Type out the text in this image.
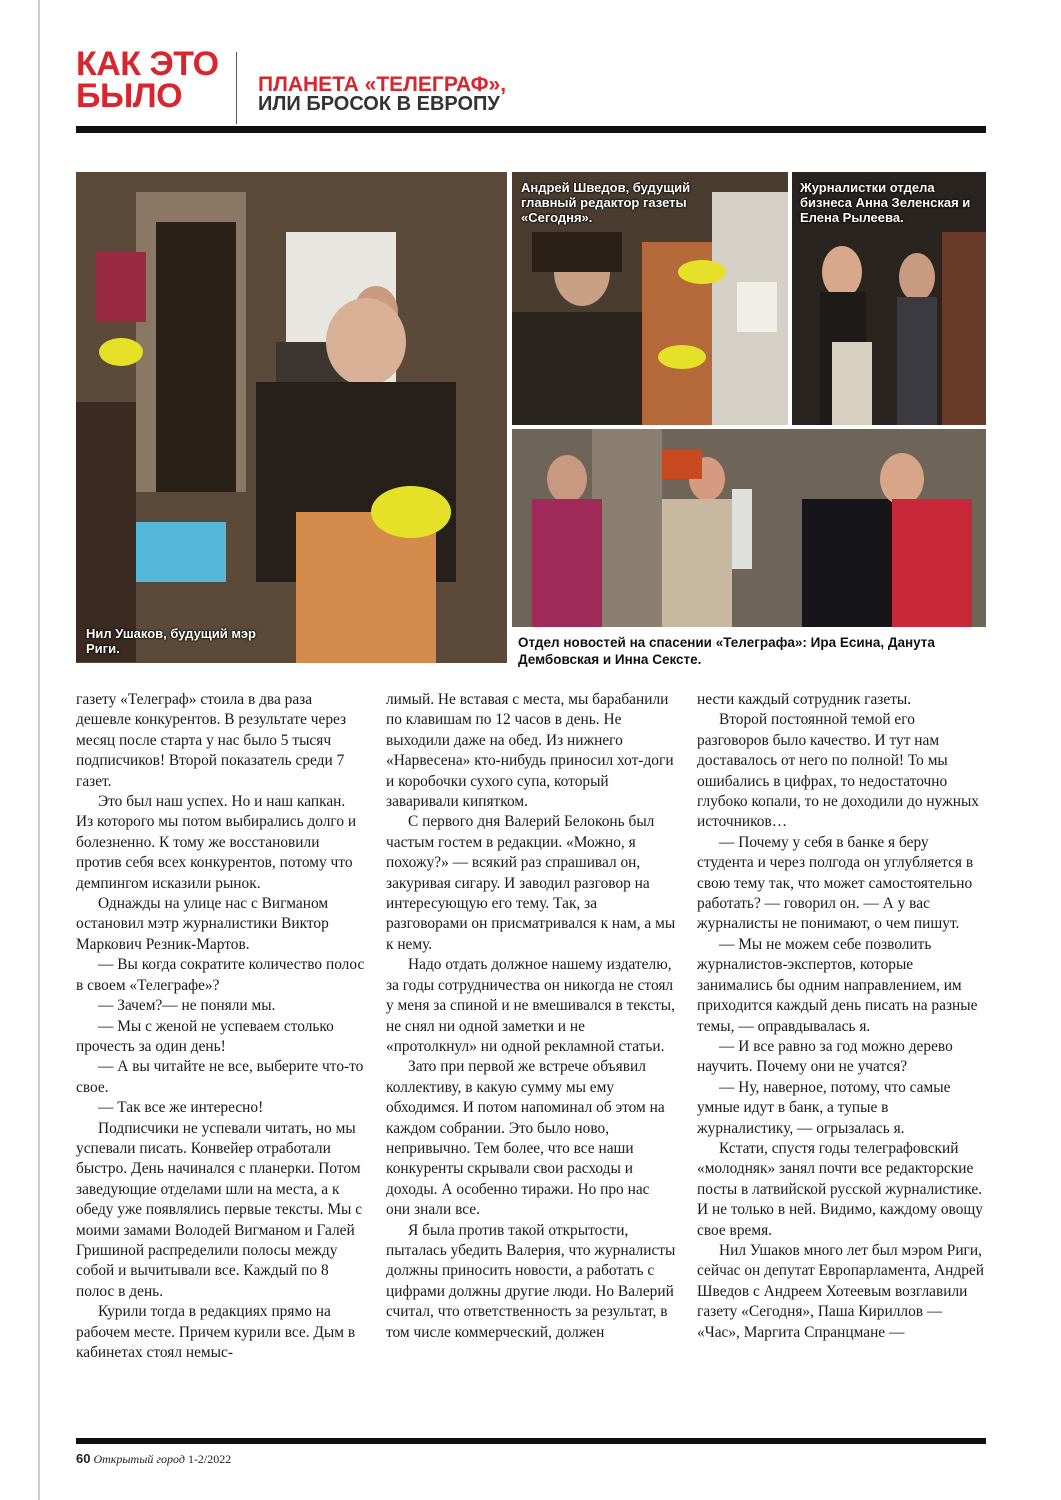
КАК ЭТО
БЫЛО	ПЛАНЕТА «ТЕЛЕГРАФ»,
ИЛИ БРОСОК В ЕВРОПУ

Нил Ушаков, будущий мэр Риги.

Андрей Шведов, будущий главный редактор газеты «Сегодня».

Журналистки отдела бизнеса Анна Зеленская и Елена Рылеева.

Отдел новостей на спасении «Телеграфа»: Ира Есина, Данута Дембовская и Инна Сексте.

газету «Телеграф» стоила в два раза дешевле конкурентов. В результате через месяц после старта у нас было 5 тысяч подписчиков! Второй показатель среди 7 газет.

Это был наш успех. Но и наш капкан. Из которого мы потом выбирались долго и болезненно. К тому же восстановили против себя всех конкурентов, потому что демпингом исказили рынок.

Однажды на улице нас с Вигманом остановил мэтр журналистики Виктор Маркович Резник-Мартов.

— Вы когда сократите количество полос в своем «Телеграфе»?

— Зачем?— не поняли мы.

— Мы с женой не успеваем столько прочесть за один день!

— А вы читайте не все, выберите что-то свое.

— Так все же интересно!

Подписчики не успевали читать, но мы успевали писать. Конвейер отработали быстро. День начинался с планерки. Потом заведующие отделами шли на места, а к обеду уже появлялись первые тексты. Мы с моими замами Володей Вигманом и Галей Гришиной распределили полосы между собой и вычитывали все. Каждый по 8 полос в день.

Курили тогда в редакциях прямо на рабочем месте. Причем курили все. Дым в кабинетах стоял немыс-

лимый. Не вставая с места, мы барабанили по клавишам по 12 часов в день. Не выходили даже на обед. Из нижнего «Нарвесена» кто-нибудь приносил хот-доги и коробочки сухого супа, который заваривали кипятком.

С первого дня Валерий Белоконь был частым гостем в редакции. «Можно, я похожу?» — всякий раз спрашивал он, закуривая сигару. И заводил разговор на интересующую его тему. Так, за разговорами он присматривался к нам, а мы к нему.

Надо отдать должное нашему издателю, за годы сотрудничества он никогда не стоял у меня за спиной и не вмешивался в тексты, не снял ни одной заметки и не «протолкнул» ни одной рекламной статьи.

Зато при первой же встрече объявил коллективу, в какую сумму мы ему обходимся. И потом напоминал об этом на каждом собрании. Это было ново, непривычно. Тем более, что все наши конкуренты скрывали свои расходы и доходы. А особенно тиражи. Но про нас они знали все.

Я была против такой открытости, пыталась убедить Валерия, что журналисты должны приносить новости, а работать с цифрами должны другие люди. Но Валерий считал, что ответственность за результат, в том числе коммерческий, должен

нести каждый сотрудник газеты.

Второй постоянной темой его разговоров было качество. И тут нам доставалось от него по полной! То мы ошибались в цифрах, то недостаточно глубоко копали, то не доходили до нужных источников…

— Почему у себя в банке я беру студента и через полгода он углубляется в свою тему так, что может самостоятельно работать? — говорил он. — А у вас журналисты не понимают, о чем пишут.

— Мы не можем себе позволить журналистов-экспертов, которые занимались бы одним направлением, им приходится каждый день писать на разные темы, — оправдывалась я.

— И все равно за год можно дерево научить. Почему они не учатся?

— Ну, наверное, потому, что самые умные идут в банк, а тупые в журналистику, — огрызалась я.

Кстати, спустя годы телеграфовский «молодняк» занял почти все редакторские посты в латвийской русской журналистике. И не только в ней. Видимо, каждому овощу свое время.

Нил Ушаков много лет был мэром Риги, сейчас он депутат Европарламента, Андрей Шведов с Андреем Хотеевым возглавили газету «Сегодня», Паша Кириллов — «Час», Маргита Спранцмане —

60 Открытый город 1-2/2022
